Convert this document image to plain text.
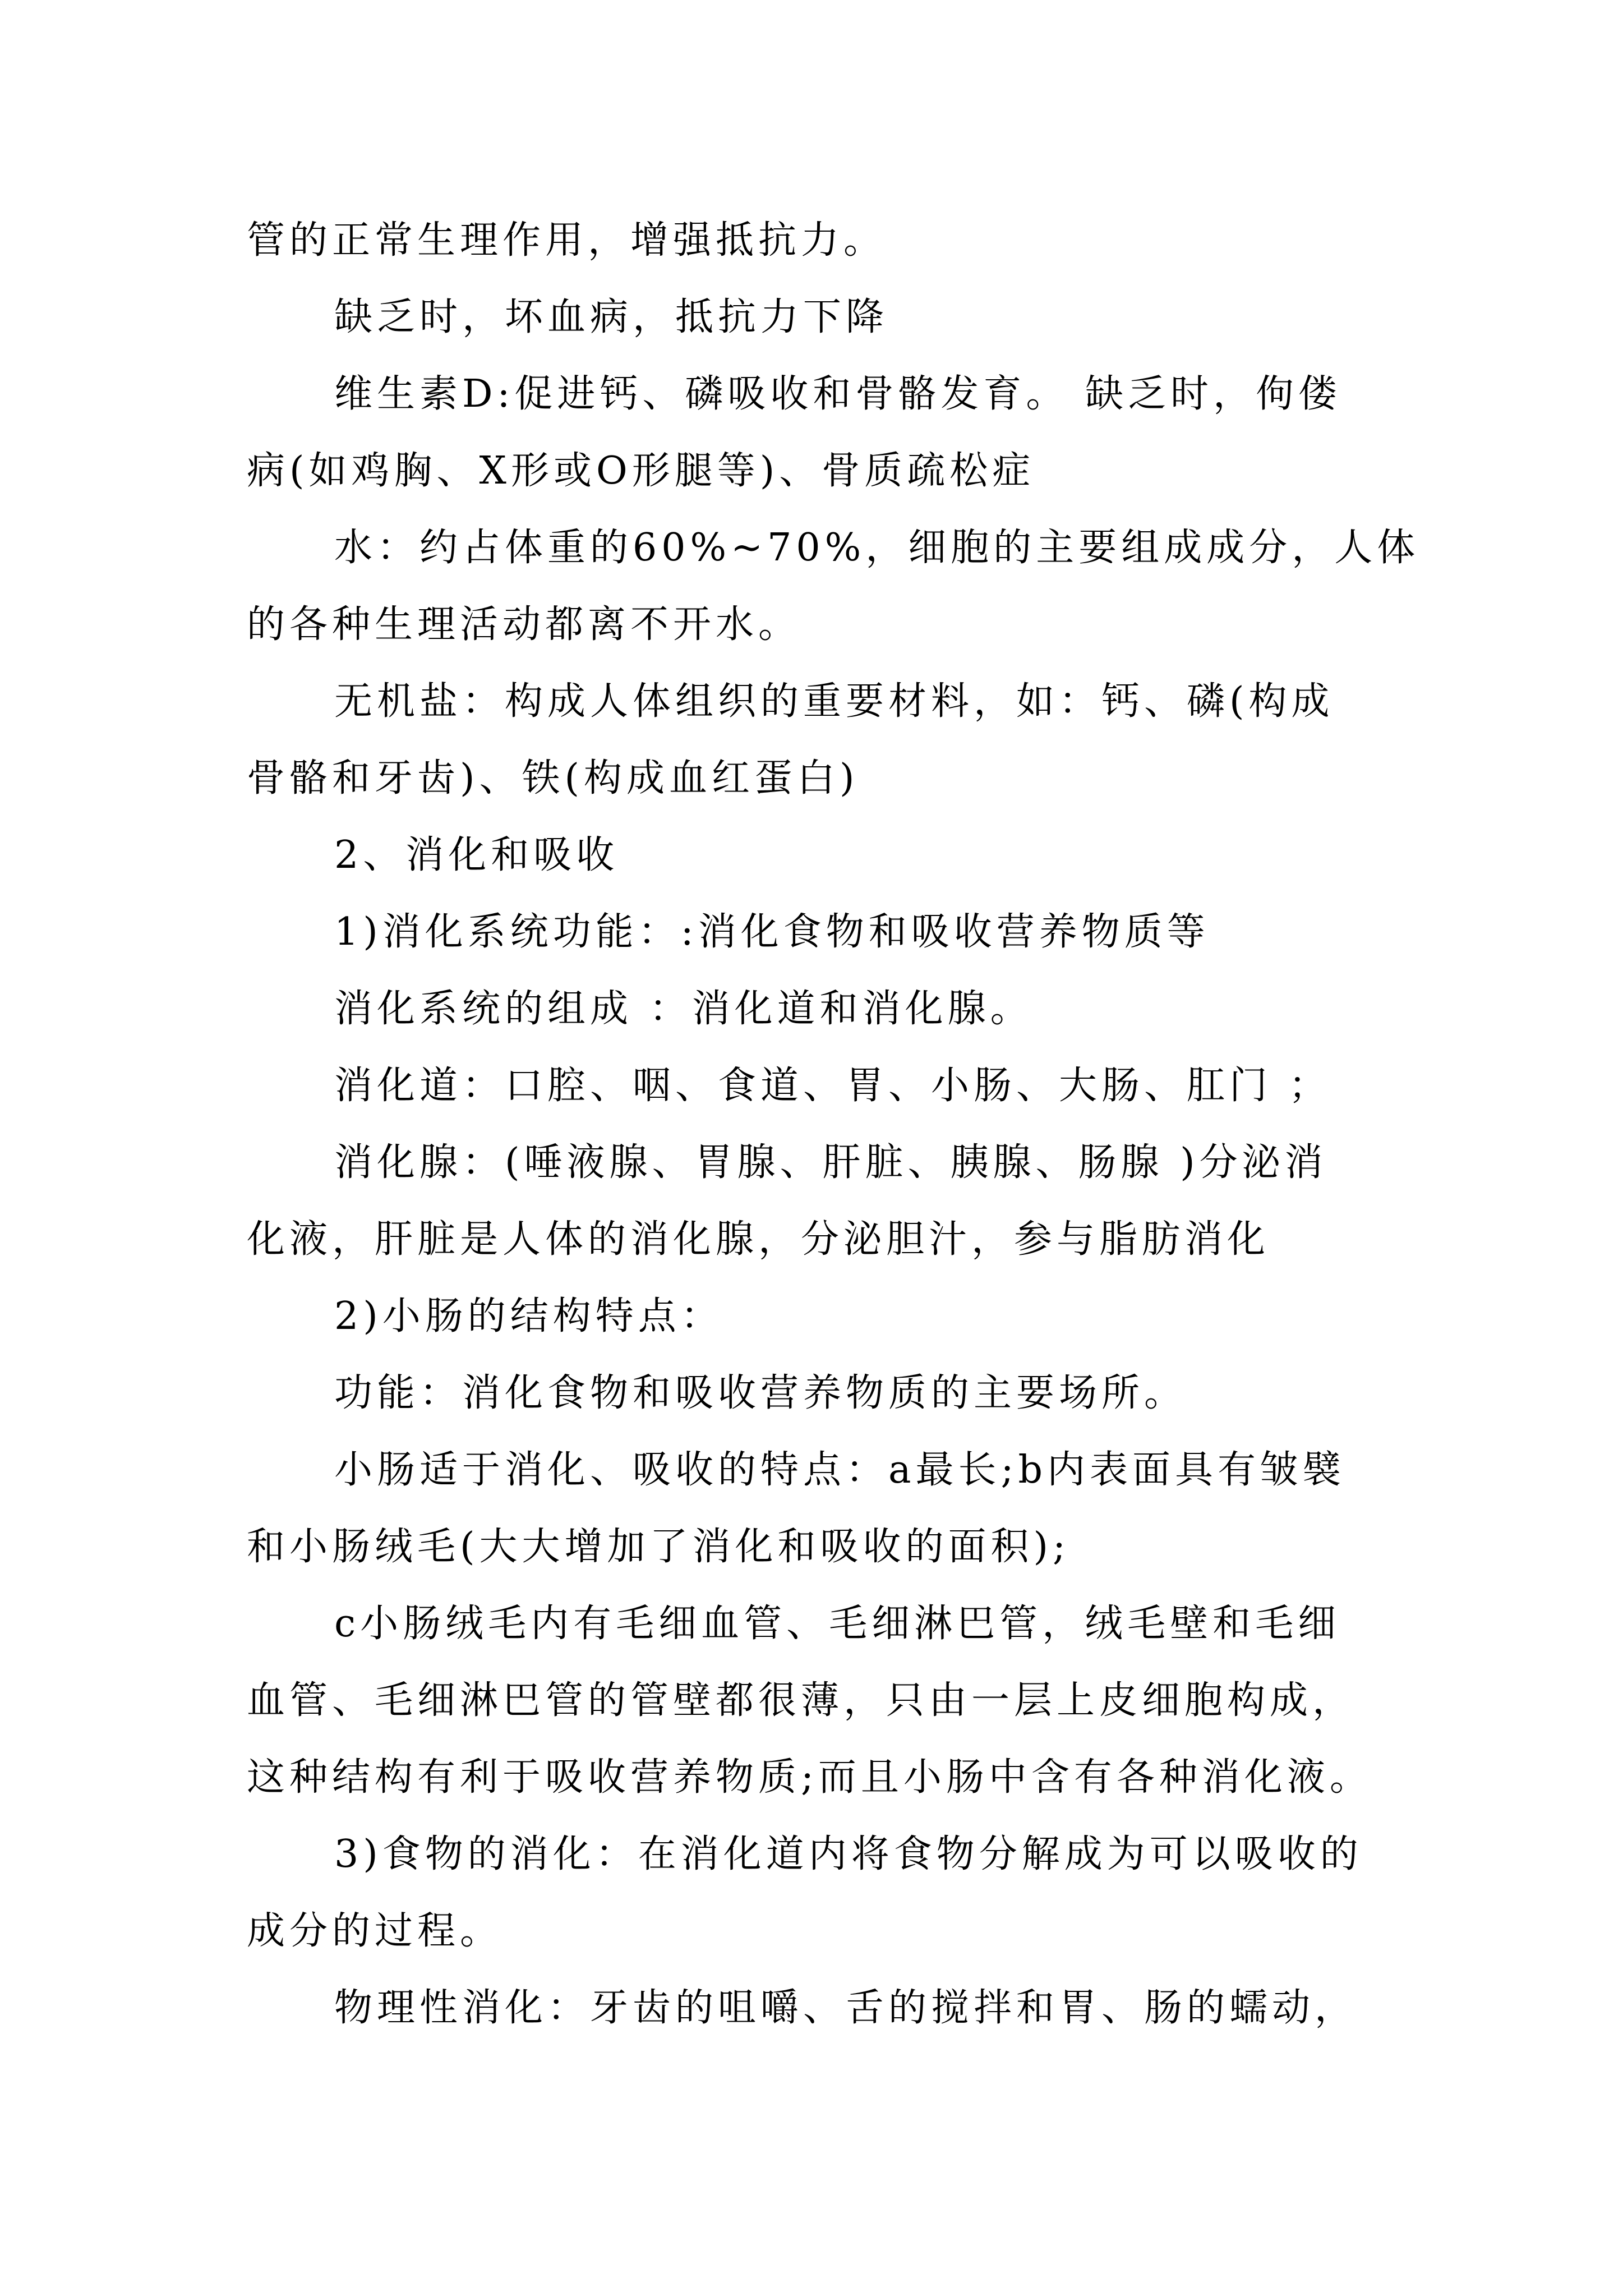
管的正常生理作用，增强抵抗力。

缺乏时，坏血病，抵抗力下降

维生素D:促进钙、磷吸收和骨骼发育。 缺乏时，佝偻

病(如鸡胸、X形或O形腿等)、骨质疏松症

水：约占体重的60%~70%，细胞的主要组成成分，人体

的各种生理活动都离不开水。

无机盐：构成人体组织的重要材料，如：钙、磷(构成

骨骼和牙齿)、铁(构成血红蛋白)

2、消化和吸收

1)消化系统功能：:消化食物和吸收营养物质等

消化系统的组成 ：消化道和消化腺。

消化道：口腔、咽、食道、胃、小肠、大肠、肛门 ；

消化腺：(唾液腺、胃腺、肝脏、胰腺、肠腺 )分泌消

化液，肝脏是人体的消化腺，分泌胆汁，参与脂肪消化

2)小肠的结构特点：

功能：消化食物和吸收营养物质的主要场所。

小肠适于消化、吸收的特点：a最长;b内表面具有皱襞

和小肠绒毛(大大增加了消化和吸收的面积);

c小肠绒毛内有毛细血管、毛细淋巴管，绒毛壁和毛细

血管、毛细淋巴管的管壁都很薄，只由一层上皮细胞构成，

这种结构有利于吸收营养物质;而且小肠中含有各种消化液。

3)食物的消化：在消化道内将食物分解成为可以吸收的

成分的过程。

物理性消化：牙齿的咀嚼、舌的搅拌和胃、肠的蠕动，
